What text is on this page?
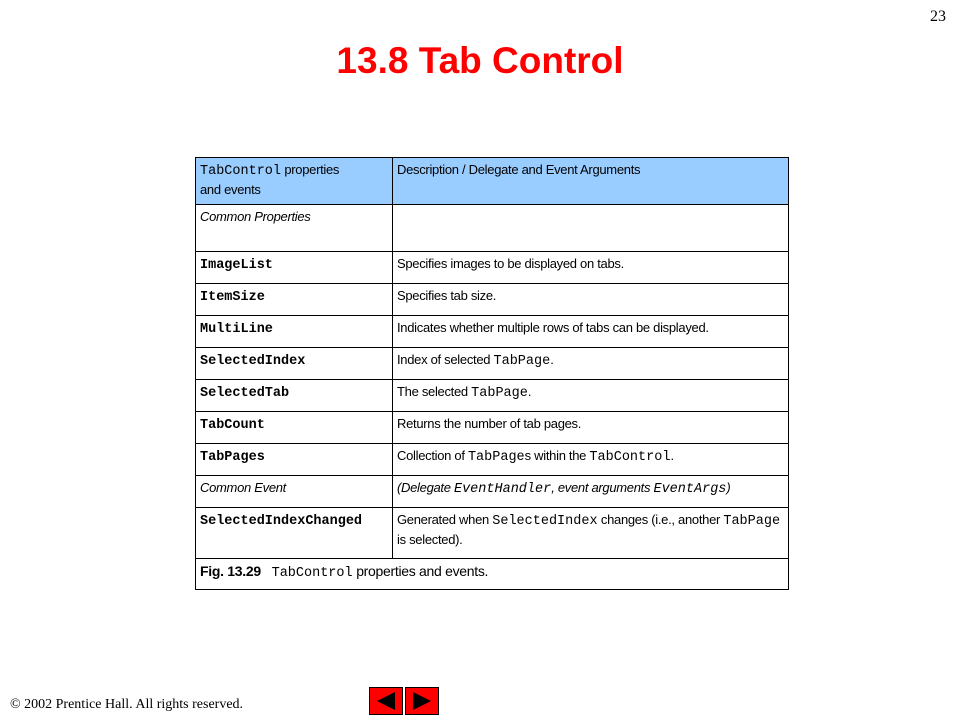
23
13.8 Tab Control
TabControl properties
and events	Description / Delegate and Event Arguments
Common Properties	
ImageList	Specifies images to be displayed on tabs.
ItemSize	Specifies tab size.
MultiLine	Indicates whether multiple rows of tabs can be displayed.
SelectedIndex	Index of selected TabPage.
SelectedTab	The selected TabPage.
TabCount	Returns the number of tab pages.
TabPages	Collection of TabPages within the TabControl.
Common Event	(Delegate EventHandler, event arguments EventArgs)
SelectedIndexChanged	Generated when SelectedIndex changes (i.e., another TabPage is selected).
Fig. 13.29 TabControl properties and events.	
© 2002 Prentice Hall. All rights reserved.
